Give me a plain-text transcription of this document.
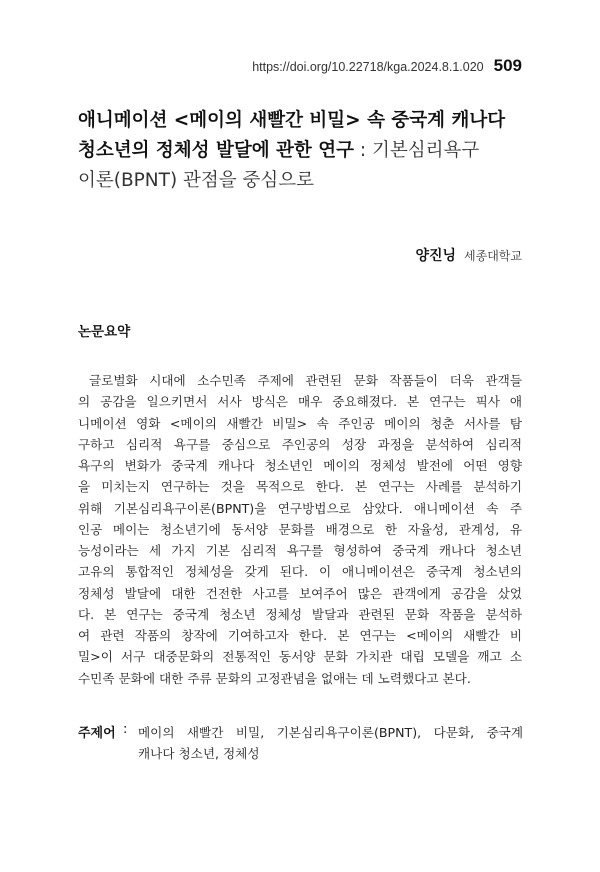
https://doi.org/10.22718/kga.2024.8.1.020 509
애니메이션 <메이의 새빨간 비밀> 속 중국계 캐나다
청소년의 정체성 발달에 관한 연구 : 기본심리욕구
이론(BPNT) 관점을 중심으로
양진닝 세종대학교
논문요약
글로벌화 시대에 소수민족 주제에 관련된 문화 작품들이 더욱 관객들
의 공감을 일으키면서 서사 방식은 매우 중요해졌다. 본 연구는 픽사 애
니메이션 영화 <메이의 새빨간 비밀> 속 주인공 메이의 청춘 서사를 탐
구하고 심리적 욕구를 중심으로 주인공의 성장 과정을 분석하여 심리적
욕구의 변화가 중국계 캐나다 청소년인 메이의 정체성 발전에 어떤 영향
을 미치는지 연구하는 것을 목적으로 한다. 본 연구는 사례를 분석하기
위해 기본심리욕구이론(BPNT)을 연구방법으로 삼았다. 애니메이션 속 주
인공 메이는 청소년기에 동서양 문화를 배경으로 한 자율성, 관계성, 유
능성이라는 세 가지 기본 심리적 욕구를 형성하여 중국계 캐나다 청소년
고유의 통합적인 정체성을 갖게 된다. 이 애니메이션은 중국계 청소년의
정체성 발달에 대한 건전한 사고를 보여주어 많은 관객에게 공감을 샀었
다. 본 연구는 중국계 청소년 정체성 발달과 관련된 문화 작품을 분석하
여 관련 작품의 창작에 기여하고자 한다. 본 연구는 <메이의 새빨간 비
밀>이 서구 대중문화의 전통적인 동서양 문화 가치관 대립 모델을 깨고 소
수민족 문화에 대한 주류 문화의 고정관념을 없애는 데 노력했다고 본다.
주제어 : 메이의 새빨간 비밀, 기본심리욕구이론(BPNT), 다문화, 중국계
캐나다 청소년, 정체성
